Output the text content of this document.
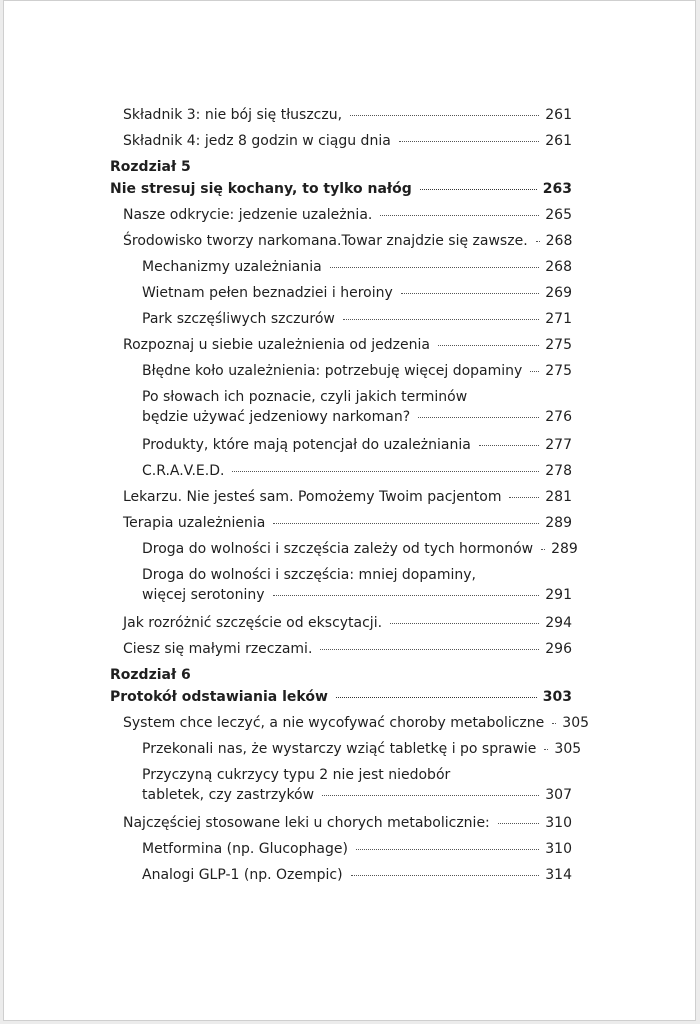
Składnik 3: nie bój się tłuszczu,	261
Składnik 4: jedz 8 godzin w ciągu dnia	261
Rozdział 5
Nie stresuj się kochany, to tylko nałóg	263
Nasze odkrycie: jedzenie uzależnia.	265
Środowisko tworzy narkomana.Towar znajdzie się zawsze. 268
Mechanizmy uzależniania	268
Wietnam pełen beznadziei i heroiny	269
Park szczęśliwych szczurów	271
Rozpoznaj u siebie uzależnienia od jedzenia	275
Błędne koło uzależnienia: potrzebuję więcej dopaminy 275
Po słowach ich poznacie, czyli jakich terminów
będzie używać jedzeniowy narkoman?	276
Produkty, które mają potencjał do uzależniania	277
C.R.A.V.E.D.	278
Lekarzu. Nie jesteś sam. Pomożemy Twoim pacjentom	281
Terapia uzależnienia	289
Droga do wolności i szczęścia zależy od tych hormonów 289
Droga do wolności i szczęścia: mniej dopaminy,
więcej serotoniny	291
Jak rozróżnić szczęście od ekscytacji.	294
Ciesz się małymi rzeczami.	296
Rozdział 6
Protokół odstawiania leków	303
System chce leczyć, a nie wycofywać choroby metaboliczne 305
Przekonali nas, że wystarczy wziąć tabletkę i po sprawie 305
Przyczyną cukrzycy typu 2 nie jest niedobór
tabletek, czy zastrzyków	307
Najczęściej stosowane leki u chorych metabolicznie:	310
Metformina (np. Glucophage)	310
Analogi GLP-1 (np. Ozempic)	314
